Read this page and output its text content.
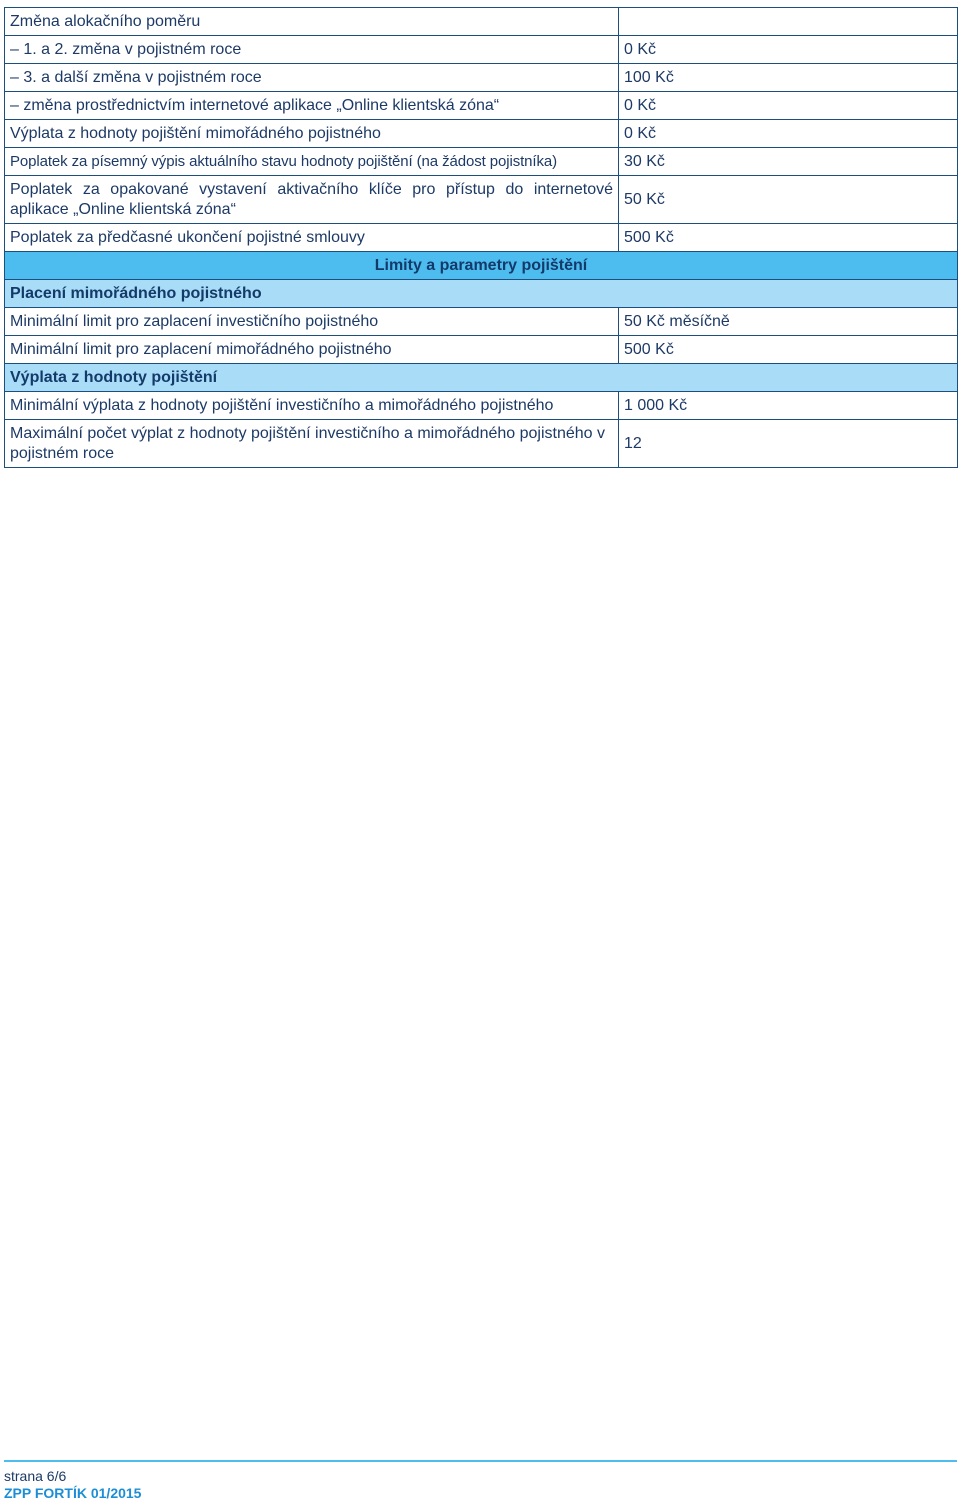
Změna alokačního poměru	
– 1. a 2. změna v pojistném roce	0 Kč
– 3. a další změna v pojistném roce	100 Kč
– změna prostřednictvím internetové aplikace „Online klientská zóna“	0 Kč
Výplata z hodnoty pojištění mimořádného pojistného	0 Kč
Poplatek za písemný výpis aktuálního stavu hodnoty pojištění (na žádost pojistníka)	30 Kč
Poplatek za opakované vystavení aktivačního klíče pro přístup do internetové aplikace „Online klientská zóna“	50 Kč
Poplatek za předčasné ukončení pojistné smlouvy	500 Kč
Limity a parametry pojištění	
Placení mimořádného pojistného	
Minimální limit pro zaplacení investičního pojistného	50 Kč měsíčně
Minimální limit pro zaplacení mimořádného pojistného	500 Kč
Výplata z hodnoty pojištění	
Minimální výplata z hodnoty pojištění investičního a mimořádného pojistného	1 000 Kč
Maximální počet výplat z hodnoty pojištění investičního a mimořádného pojistného v pojistném roce	12
strana 6/6
ZPP FORTÍK 01/2015
